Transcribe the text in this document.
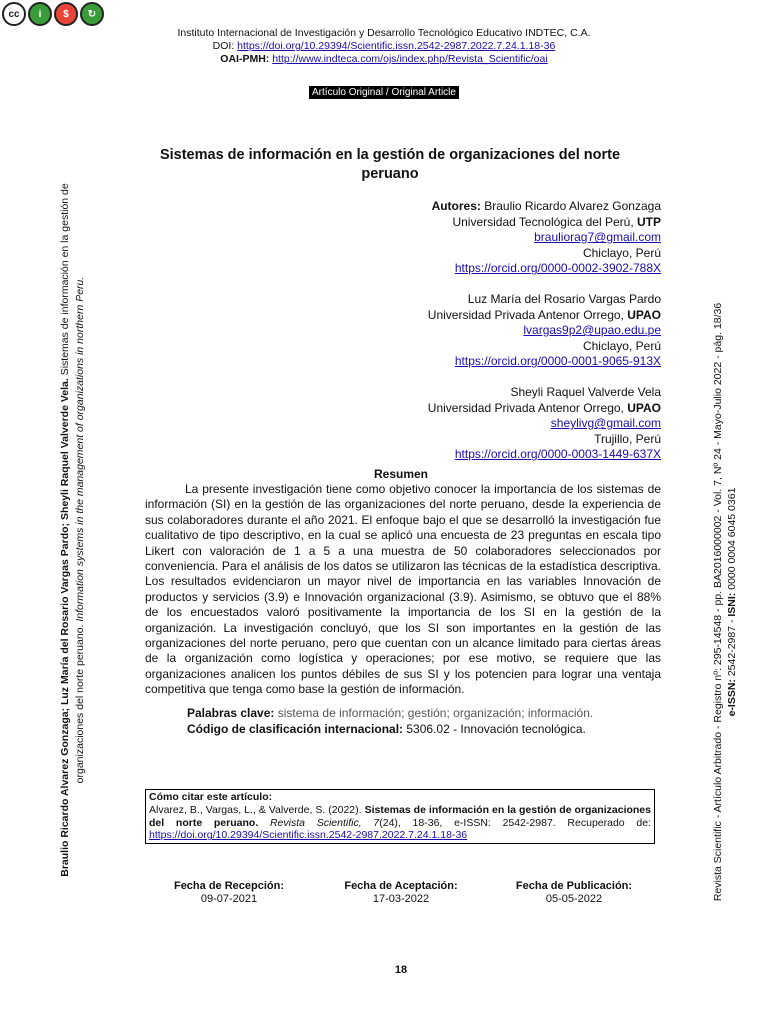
cc	i	$	↻
Instituto Internacional de Investigación y Desarrollo Tecnológico Educativo INDTEC, C.A.
DOI: https://doi.org/10.29394/Scientific.issn.2542-2987.2022.7.24.1.18-36
OAI-PMH: http://www.indteca.com/ojs/index.php/Revista_Scientific/oai
Artículo Original / Original Article
Sistemas de información en la gestión de organizaciones del norte peruano
Autores: Braulio Ricardo Alvarez Gonzaga
Universidad Tecnológica del Perú, UTP
brauliorag7@gmail.com
Chiclayo, Perú
https://orcid.org/0000-0002-3902-788X
Luz María del Rosario Vargas Pardo
Universidad Privada Antenor Orrego, UPAO
lvargas9p2@upao.edu.pe
Chiclayo, Perú
https://orcid.org/0000-0001-9065-913X
Sheyli Raquel Valverde Vela
Universidad Privada Antenor Orrego, UPAO
sheylivg@gmail.com
Trujillo, Perú
https://orcid.org/0000-0003-1449-637X
Resumen

La presente investigación tiene como objetivo conocer la importancia de los sistemas de información (SI) en la gestión de las organizaciones del norte peruano, desde la experiencia de sus colaboradores durante el año 2021. El enfoque bajo el que se desarrolló la investigación fue cualitativo de tipo descriptivo, en la cual se aplicó una encuesta de 23 preguntas en escala tipo Likert con valoración de 1 a 5 a una muestra de 50 colaboradores seleccionados por conveniencia. Para el análisis de los datos se utilizaron las técnicas de la estadística descriptiva. Los resultados evidenciaron un mayor nivel de importancia en las variables Innovación de productos y servicios (3.9) e Innovación organizacional (3.9). Asimismo, se obtuvo que el 88% de los encuestados valoró positivamente la importancia de los SI en la gestión de la organización. La investigación concluyó, que los SI son importantes en la gestión de las organizaciones del norte peruano, pero que cuentan con un alcance limitado para ciertas áreas de la organización como logística y operaciones; por ese motivo, se requiere que las organizaciones analicen los puntos débiles de sus SI y los potencien para lograr una ventaja competitiva que tenga como base la gestión de información.

Palabras clave: sistema de información; gestión; organización; información.
Código de clasificación internacional: 5306.02 - Innovación tecnológica.
Cómo citar este artículo:
Alvarez, B., Vargas, L., & Valverde, S. (2022). Sistemas de información en la gestión de organizaciones del norte peruano. Revista Scientific, 7(24), 18-36, e-ISSN: 2542-2987. Recuperado de: https://doi.org/10.29394/Scientific.issn.2542-2987.2022.7.24.1.18-36
Fecha de Recepción:
09-07-2021
Fecha de Aceptación:
17-03-2022
Fecha de Publicación:
05-05-2022
18
Braulio Ricardo Alvarez Gonzaga; Luz María del Rosario Vargas Pardo; Sheyli Raquel Valverde Vela. Sistemas de información en la gestión de organizaciones del norte peruano. Information systems in the management of organizations in northern Peru.	Revista Scientific - Artículo Arbitrado - Registro nº: 295-14548 - pp. BA2016000002 - Vol. 7, Nº 24 - Mayo-Julio 2022 - pág. 18/36 e-ISSN: 2542-2987 - ISNI: 0000 0004 6045 0361
